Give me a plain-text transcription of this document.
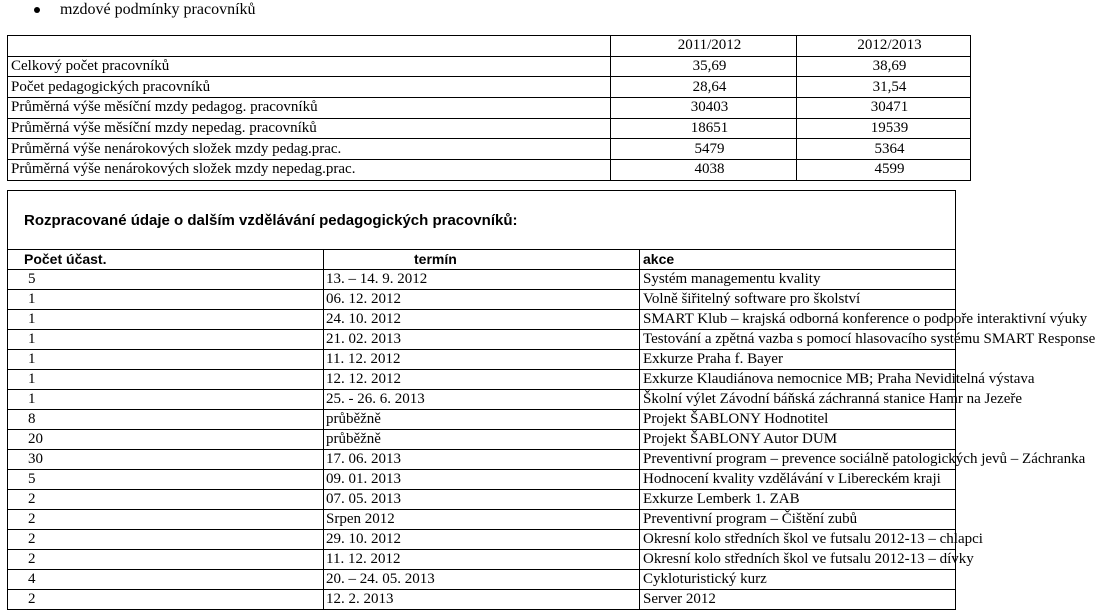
mzdové podmínky pracovníků
	2011/2012	2012/2013
Celkový počet pracovníků	35,69	38,69
Počet pedagogických pracovníků	28,64	31,54
Průměrná výše měsíční mzdy pedagog. pracovníků	30403	30471
Průměrná výše měsíční mzdy nepedag. pracovníků	18651	19539
Průměrná výše nenárokových složek mzdy pedag.prac.	5479	5364
Průměrná výše nenárokových složek mzdy nepedag.prac.	4038	4599
Rozpracované údaje o dalším vzdělávání pedagogických pracovníků:		
Počet účast.	termín	akce
5	13. – 14. 9. 2012	Systém managementu kvality
1	06. 12. 2012	Volně šiřitelný software pro školství
1	24. 10. 2012	SMART Klub – krajská odborná konference o podpoře interaktivní výuky
1	21. 02. 2013	Testování a zpětná vazba s pomocí hlasovacího systému SMART Response
1	11. 12. 2012	Exkurze Praha f. Bayer
1	12. 12. 2012	Exkurze Klaudiánova nemocnice MB; Praha Neviditelná výstava
1	25. - 26. 6. 2013	Školní výlet Závodní báňská záchranná stanice Hamr na Jezeře
8	průběžně	Projekt ŠABLONY Hodnotitel
20	průběžně	Projekt ŠABLONY Autor DUM
30	17. 06. 2013	Preventivní program – prevence sociálně patologických jevů – Záchranka
5	09. 01. 2013	Hodnocení kvality vzdělávání v Libereckém kraji
2	07. 05. 2013	Exkurze Lemberk 1. ZAB
2	Srpen 2012	Preventivní program – Čištění zubů
2	29. 10. 2012	Okresní kolo středních škol ve futsalu 2012-13 – chlapci
2	11. 12. 2012	Okresní kolo středních škol ve futsalu 2012-13 – dívky
4	20. – 24. 05. 2013	Cykloturistický kurz
2	12. 2. 2013	Server 2012
